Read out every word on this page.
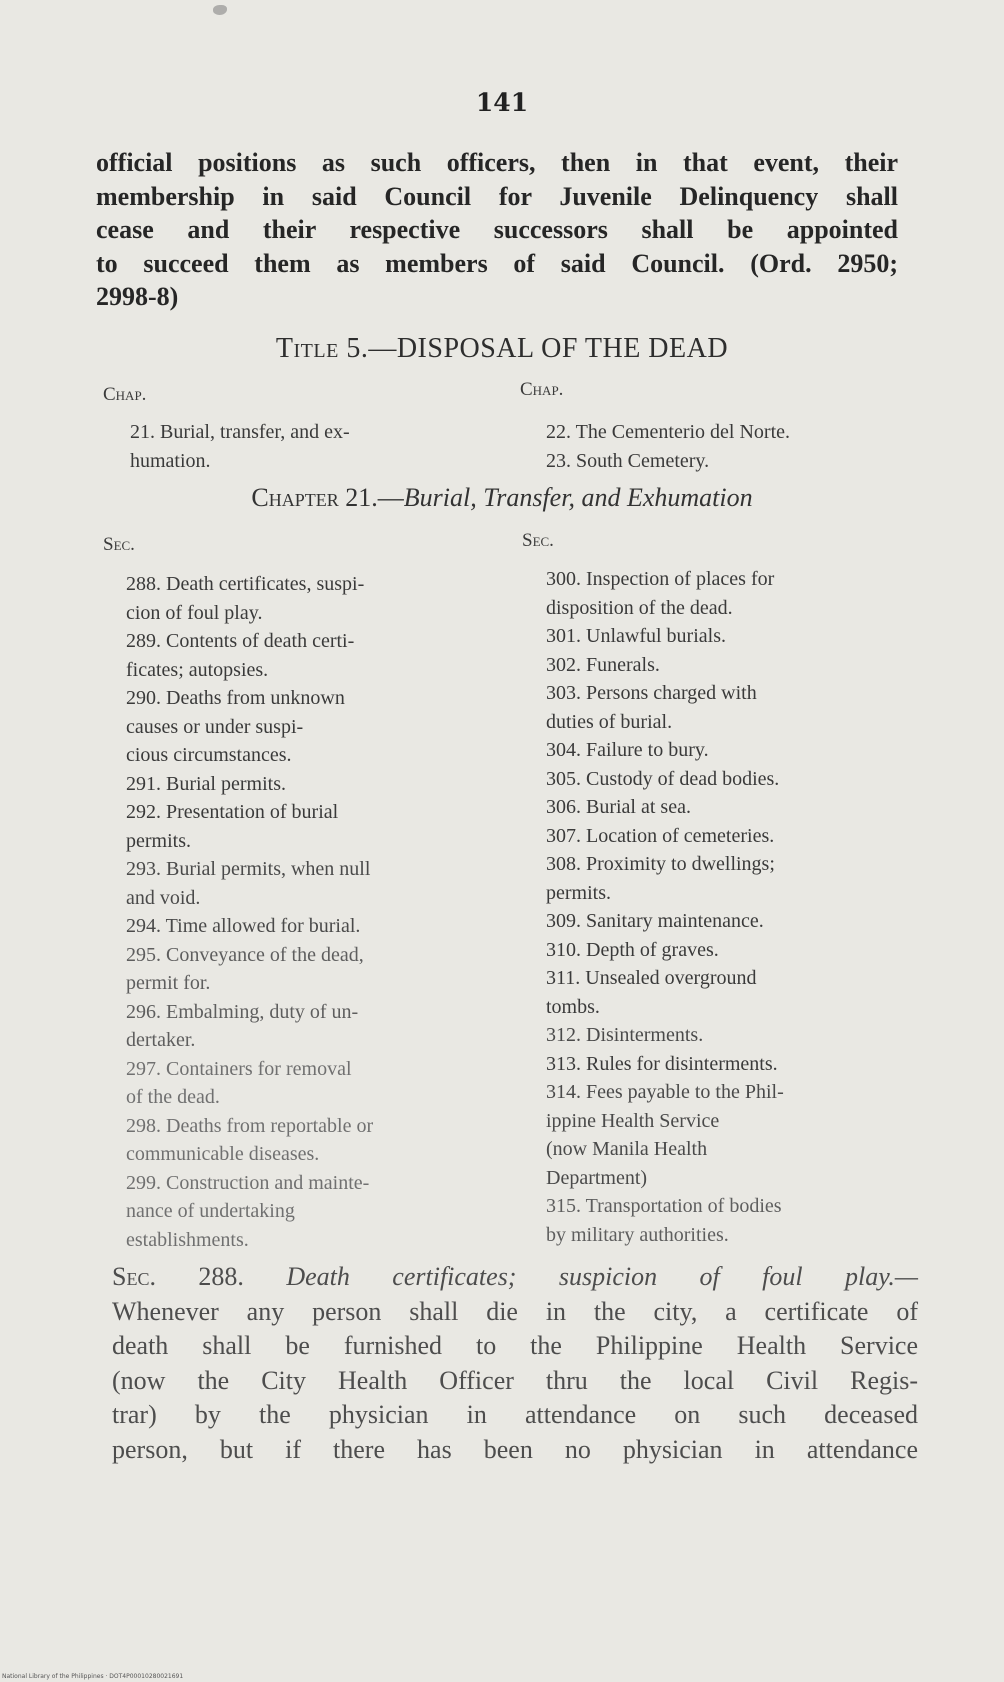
141
official positions as such officers, then in that event, their
membership in said Council for Juvenile Delinquency shall
cease and their respective successors shall be appointed
to succeed them as members of said Council. (Ord. 2950;
2998-8)
Title 5.—DISPOSAL OF THE DEAD
Chap.	Chap.
21. Burial, transfer, and ex-
humation.
22. The Cementerio del Norte.
23. South Cemetery.
Chapter 21.—Burial, Transfer, and Exhumation
Sec.	Sec.
288. Death certificates, suspi-
cion of foul play.
289. Contents of death certi-
ficates; autopsies.
290. Deaths from unknown
causes or under suspi-
cious circumstances.
291. Burial permits.
292. Presentation of burial
permits.
293. Burial permits, when null
and void.
294. Time allowed for burial.
295. Conveyance of the dead,
permit for.
296. Embalming, duty of un-
dertaker.
297. Containers for removal
of the dead.
298. Deaths from reportable or
communicable diseases.
299. Construction and mainte-
nance of undertaking
establishments.
300. Inspection of places for
disposition of the dead.
301. Unlawful burials.
302. Funerals.
303. Persons charged with
duties of burial.
304. Failure to bury.
305. Custody of dead bodies.
306. Burial at sea.
307. Location of cemeteries.
308. Proximity to dwellings;
permits.
309. Sanitary maintenance.
310. Depth of graves.
311. Unsealed overground
tombs.
312. Disinterments.
313. Rules for disinterments.
314. Fees payable to the Phil-
ippine Health Service
(now Manila Health
Department)
315. Transportation of bodies
by military authorities.
Sec. 288. Death certificates; suspicion of foul play.—
Whenever any person shall die in the city, a certificate of
death shall be furnished to the Philippine Health Service
(now the City Health Officer thru the local Civil Regis-
trar) by the physician in attendance on such deceased
person, but if there has been no physician in attendance
National Library of the Philippines · DOT4P00010280021691
